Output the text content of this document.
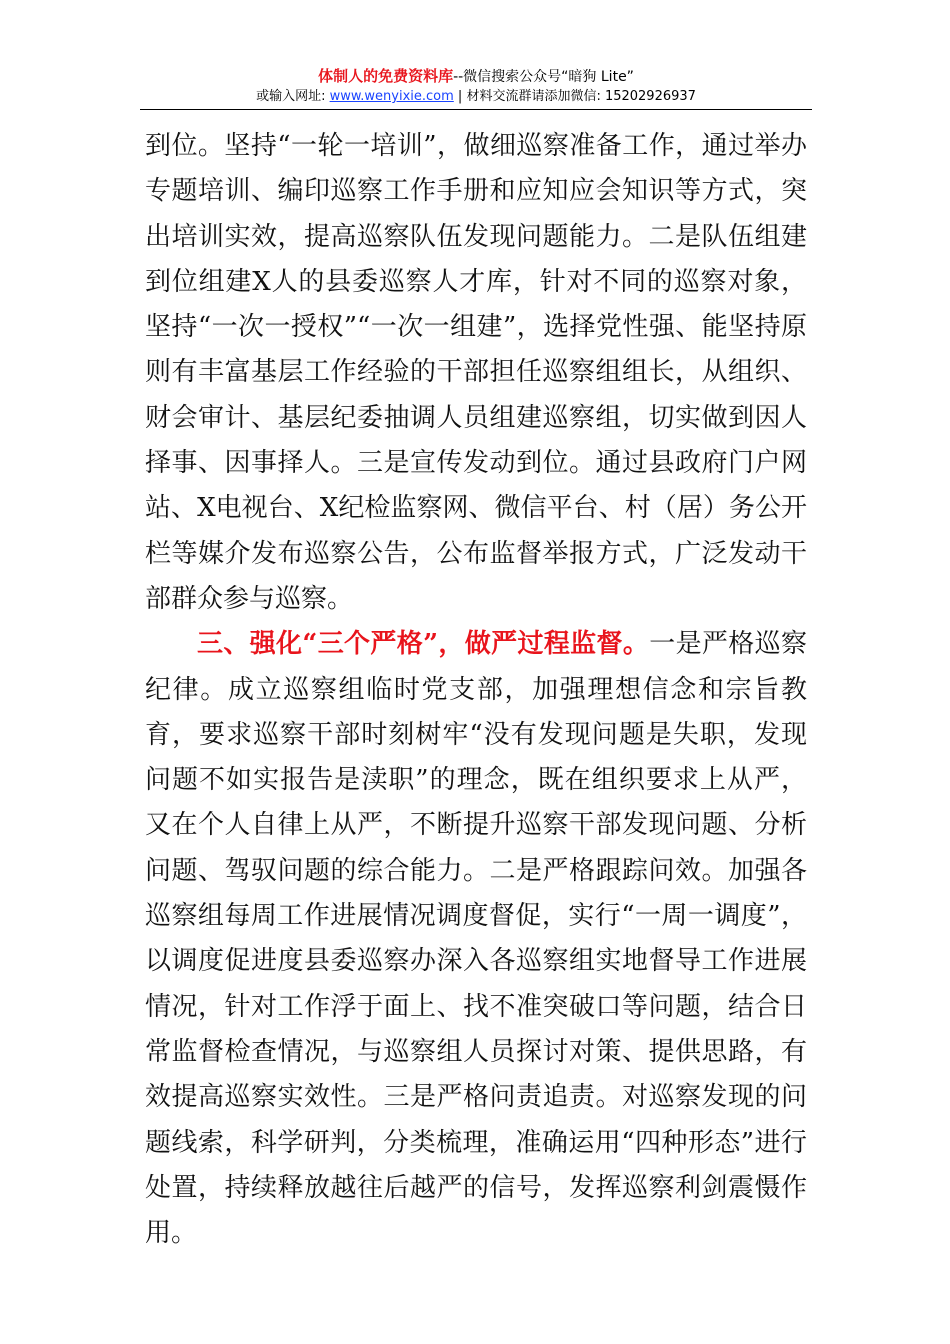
体制人的免费资料库--微信搜索公众号“暗狗 Lite”
或输入网址: www.wenyixie.com | 材料交流群请添加微信: 15202926937

到位。坚持“一轮一培训”，做细巡察准备工作，通过举办专题培训、编印巡察工作手册和应知应会知识等方式，突出培训实效，提高巡察队伍发现问题能力。二是队伍组建到位组建X人的县委巡察人才库，针对不同的巡察对象，坚持“一次一授权”“一次一组建”，选择党性强、能坚持原则有丰富基层工作经验的干部担任巡察组组长，从组织、财会审计、基层纪委抽调人员组建巡察组，切实做到因人择事、因事择人。三是宣传发动到位。通过县政府门户网站、X电视台、X纪检监察网、微信平台、村（居）务公开栏等媒介发布巡察公告，公布监督举报方式，广泛发动干部群众参与巡察。

三、强化“三个严格”，做严过程监督。一是严格巡察纪律。成立巡察组临时党支部，加强理想信念和宗旨教育，要求巡察干部时刻树牢“没有发现问题是失职，发现问题不如实报告是渎职”的理念，既在组织要求上从严，又在个人自律上从严，不断提升巡察干部发现问题、分析问题、驾驭问题的综合能力。二是严格跟踪问效。加强各巡察组每周工作进展情况调度督促，实行“一周一调度”，以调度促进度县委巡察办深入各巡察组实地督导工作进展情况，针对工作浮于面上、找不准突破口等问题，结合日常监督检查情况，与巡察组人员探讨对策、提供思路，有效提高巡察实效性。三是严格问责追责。对巡察发现的问题线索，科学研判，分类梳理，准确运用“四种形态”进行处置，持续释放越往后越严的信号，发挥巡察利剑震慑作用。
